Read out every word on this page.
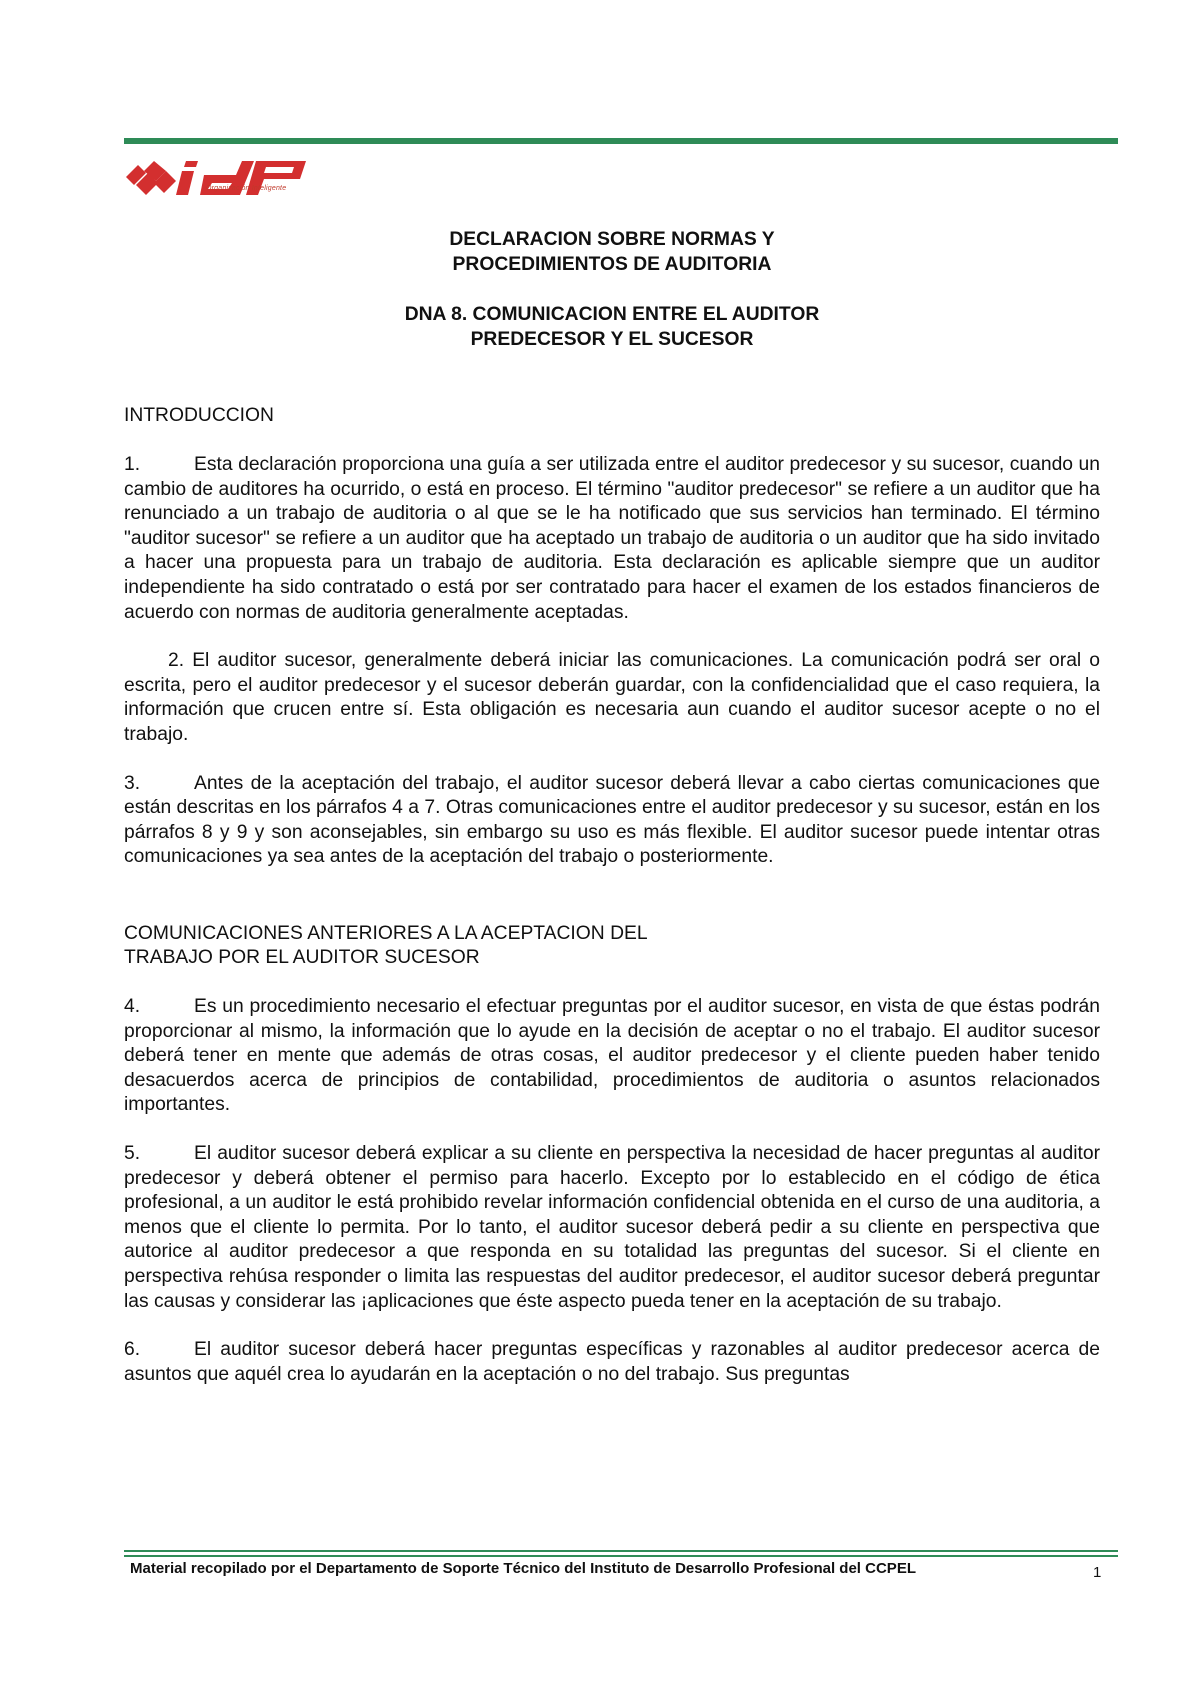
Organización Inteligente

DECLARACION SOBRE NORMAS Y
PROCEDIMIENTOS DE AUDITORIA

DNA 8. COMUNICACION ENTRE EL AUDITOR
PREDECESOR Y EL SUCESOR

INTRODUCCION

1.	Esta declaración proporciona una guía a ser utilizada entre el auditor predecesor y su sucesor, cuando un cambio de auditores ha ocurrido, o está en proceso. El término "auditor predecesor" se refiere a un auditor que ha renunciado a un trabajo de auditoria o al que se le ha notificado que sus servicios han terminado. El término "auditor sucesor" se refiere a un auditor que ha aceptado un trabajo de auditoria o un auditor que ha sido invitado a hacer una propuesta para un trabajo de auditoria. Esta declaración es aplicable siempre que un auditor independiente ha sido contratado o está por ser contratado para hacer el examen de los estados financieros de acuerdo con normas de auditoria generalmente aceptadas.

2. El auditor sucesor, generalmente deberá iniciar las comunicaciones. La comunicación podrá ser oral o escrita, pero el auditor predecesor y el sucesor deberán guardar, con la confidencialidad que el caso requiera, la información que crucen entre sí. Esta obligación es necesaria aun cuando el auditor sucesor acepte o no el trabajo.

3.	Antes de la aceptación del trabajo, el auditor sucesor deberá llevar a cabo ciertas comunicaciones que están descritas en los párrafos 4 a 7. Otras comunicaciones entre el auditor predecesor y su sucesor, están en los párrafos 8 y 9 y son aconsejables, sin embargo su uso es más flexible. El auditor sucesor puede intentar otras comunicaciones ya sea antes de la aceptación del trabajo o posteriormente.

COMUNICACIONES ANTERIORES A LA ACEPTACION DEL
TRABAJO POR EL AUDITOR SUCESOR

4.	Es un procedimiento necesario el efectuar preguntas por el auditor sucesor, en vista de que éstas podrán proporcionar al mismo, la información que lo ayude en la decisión de aceptar o no el trabajo. El auditor sucesor deberá tener en mente que además de otras cosas, el auditor predecesor y el cliente pueden haber tenido desacuerdos acerca de principios de contabilidad, procedimientos de auditoria o asuntos relacionados importantes.

5.	El auditor sucesor deberá explicar a su cliente en perspectiva la necesidad de hacer preguntas al auditor predecesor y deberá obtener el permiso para hacerlo. Excepto por lo establecido en el código de ética profesional, a un auditor le está prohibido revelar información confidencial obtenida en el curso de una auditoria, a menos que el cliente lo permita. Por lo tanto, el auditor sucesor deberá pedir a su cliente en perspectiva que autorice al auditor predecesor a que responda en su totalidad las preguntas del sucesor. Si el cliente en perspectiva rehúsa responder o limita las respuestas del auditor predecesor, el auditor sucesor deberá preguntar las causas y considerar las ¡aplicaciones que éste aspecto pueda tener en la aceptación de su trabajo.

6.	El auditor sucesor deberá hacer preguntas específicas y razonables al auditor predecesor acerca de asuntos que aquél crea lo ayudarán en la aceptación o no del trabajo. Sus preguntas

Material recopilado por el Departamento de Soporte Técnico del Instituto de Desarrollo Profesional del CCPEL	1
